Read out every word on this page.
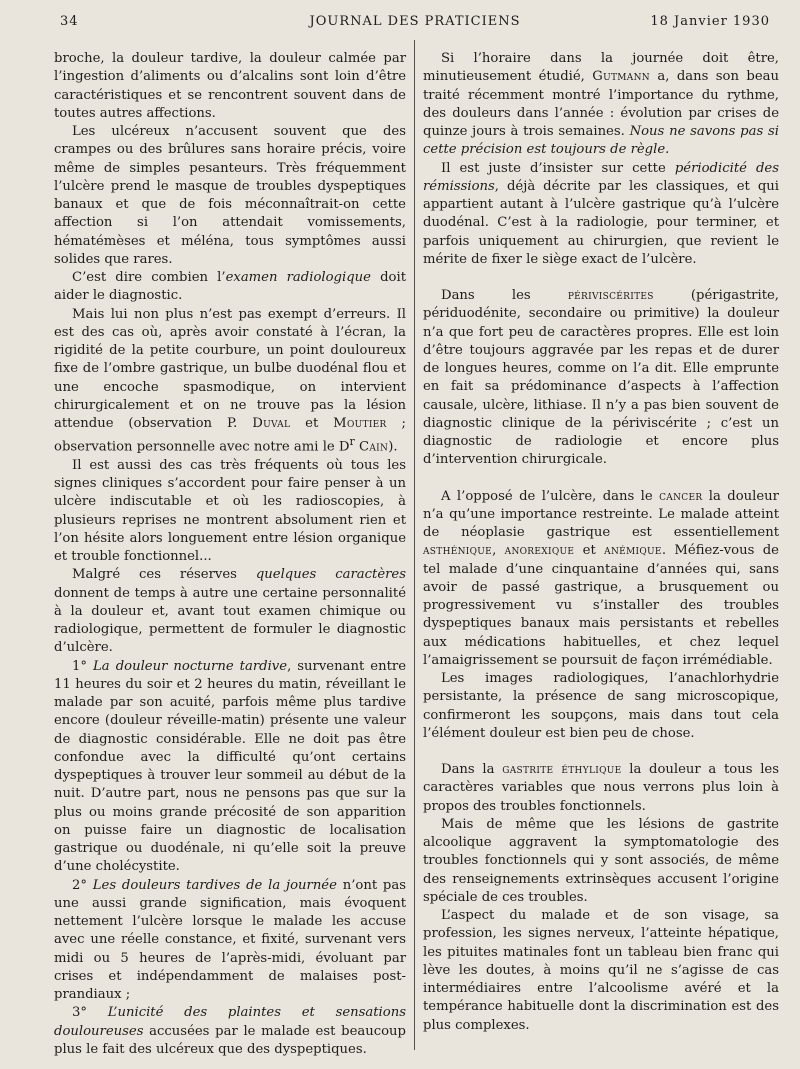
34	JOURNAL DES PRATICIENS	18 Janvier 1930

broche, la douleur tardive, la douleur calmée par l’ingestion d’aliments ou d’alcalins sont loin d’être caractéristiques et se rencontrent souvent dans de toutes autres affections.

Les ulcéreux n’accusent souvent que des crampes ou des brûlures sans horaire précis, voire même de simples pesanteurs. Très fréquemment l’ulcère prend le masque de troubles dyspeptiques banaux et que de fois méconnaîtrait-on cette affection si l’on attendait vomissements, hématémèses et méléna, tous symptômes aussi solides que rares.

C’est dire combien l’examen radiologique doit aider le diagnostic.

Mais lui non plus n’est pas exempt d’erreurs. Il est des cas où, après avoir constaté à l’écran, la rigidité de la petite courbure, un point douloureux fixe de l’ombre gastrique, un bulbe duodénal flou et une encoche spasmodique, on intervient chirurgicalement et on ne trouve pas la lésion attendue (observation P. Duval et Moutier ; observation personnelle avec notre ami le $D^r$ Cain).

Il est aussi des cas très fréquents où tous les signes cliniques s’accordent pour faire penser à un ulcère indiscutable et où les radioscopies, à plusieurs reprises ne montrent absolument rien et l’on hésite alors longuement entre lésion organique et trouble fonctionnel...

Malgré ces réserves quelques caractères donnent de temps à autre une certaine personnalité à la douleur et, avant tout examen chimique ou radiologique, permettent de formuler le diagnostic d’ulcère.

1° La douleur nocturne tardive, survenant entre 11 heures du soir et 2 heures du matin, réveillant le malade par son acuité, parfois même plus tardive encore (douleur réveille-matin) présente une valeur de diagnostic considérable. Elle ne doit pas être confondue avec la difficulté qu’ont certains dyspeptiques à trouver leur sommeil au début de la nuit. D’autre part, nous ne pensons pas que sur la plus ou moins grande précosité de son apparition on puisse faire un diagnostic de localisation gastrique ou duodénale, ni qu’elle soit la preuve d’une cholécystite.

2° Les douleurs tardives de la journée n’ont pas une aussi grande signification, mais évoquent nettement l’ulcère lorsque le malade les accuse avec une réelle constance, et fixité, survenant vers midi ou 5 heures de l’après-midi, évoluant par crises et indépendamment de malaises post-prandiaux ;

3° L’unicité des plaintes et sensations douloureuses accusées par le malade est beaucoup plus le fait des ulcéreux que des dyspeptiques.

Si l’horaire dans la journée doit être, minutieusement étudié, Gutmann a, dans son beau traité récemment montré l’importance du rythme, des douleurs dans l’année : évolution par crises de quinze jours à trois semaines. Nous ne savons pas si cette précision est toujours de règle.

Il est juste d’insister sur cette périodicité des rémissions, déjà décrite par les classiques, et qui appartient autant à l’ulcère gastrique qu’à l’ulcère duodénal. C’est à la radiologie, pour terminer, et parfois uniquement au chirurgien, que revient le mérite de fixer le siège exact de l’ulcère.

Dans les périviscérites (périgastrite, périduodénite, secondaire ou primitive) la douleur n’a que fort peu de caractères propres. Elle est loin d’être toujours aggravée par les repas et de durer de longues heures, comme on l’a dit. Elle emprunte en fait sa prédominance d’aspects à l’affection causale, ulcère, lithiase. Il n’y a pas bien souvent de diagnostic clinique de la périviscérite ; c’est un diagnostic de radiologie et encore plus d’intervention chirurgicale.

A l’opposé de l’ulcère, dans le cancer la douleur n’a qu’une importance restreinte. Le malade atteint de néoplasie gastrique est essentiellement asthénique, anorexique et anémique. Méfiez-vous de tel malade d’une cinquantaine d’années qui, sans avoir de passé gastrique, a brusquement ou progressivement vu s’installer des troubles dyspeptiques banaux mais persistants et rebelles aux médications habituelles, et chez lequel l’amaigrissement se poursuit de façon irrémédiable.

Les images radiologiques, l’anachlorhydrie persistante, la présence de sang microscopique, confirmeront les soupçons, mais dans tout cela l’élément douleur est bien peu de chose.

Dans la gastrite éthylique la douleur a tous les caractères variables que nous verrons plus loin à propos des troubles fonctionnels.

Mais de même que les lésions de gastrite alcoolique aggravent la symptomatologie des troubles fonctionnels qui y sont associés, de même des renseignements extrinsèques accusent l’origine spéciale de ces troubles.

L’aspect du malade et de son visage, sa profession, les signes nerveux, l’atteinte hépatique, les pituites matinales font un tableau bien franc qui lève les doutes, à moins qu’il ne s’agisse de cas intermédiaires entre l’alcoolisme avéré et la tempérance habituelle dont la discrimination est des plus complexes.
